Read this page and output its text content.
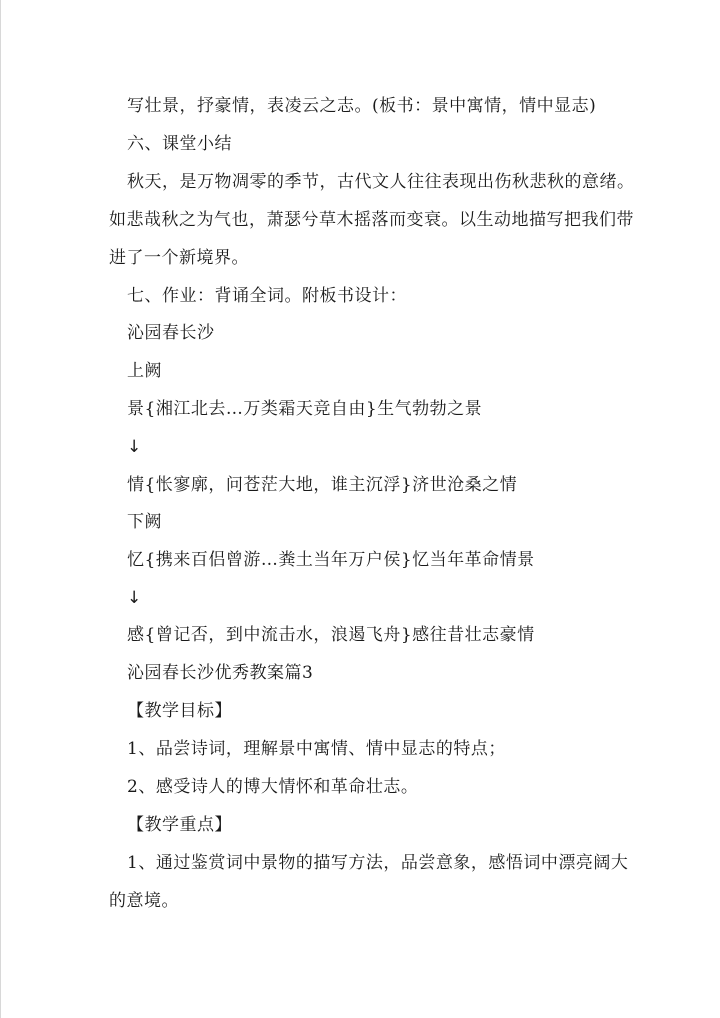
写壮景，抒豪情，表凌云之志。(板书：景中寓情，情中显志)
六、课堂小结
秋天，是万物凋零的季节，古代文人往往表现出伤秋悲秋的意绪。
如悲哉秋之为气也，萧瑟兮草木摇落而变衰。以生动地描写把我们带
进了一个新境界。
七、作业：背诵全词。附板书设计：
沁园春长沙
上阙
景{湘江北去…万类霜天竞自由}生气勃勃之景
↓
情{怅寥廓，问苍茫大地，谁主沉浮}济世沧桑之情
下阙
忆{携来百侣曾游…粪土当年万户侯}忆当年革命情景
↓
感{曾记否，到中流击水，浪遏飞舟}感往昔壮志豪情
沁园春长沙优秀教案篇3
【教学目标】
1、品尝诗词，理解景中寓情、情中显志的特点；
2、感受诗人的博大情怀和革命壮志。
【教学重点】
1、通过鉴赏词中景物的描写方法，品尝意象，感悟词中漂亮阔大
的意境。
